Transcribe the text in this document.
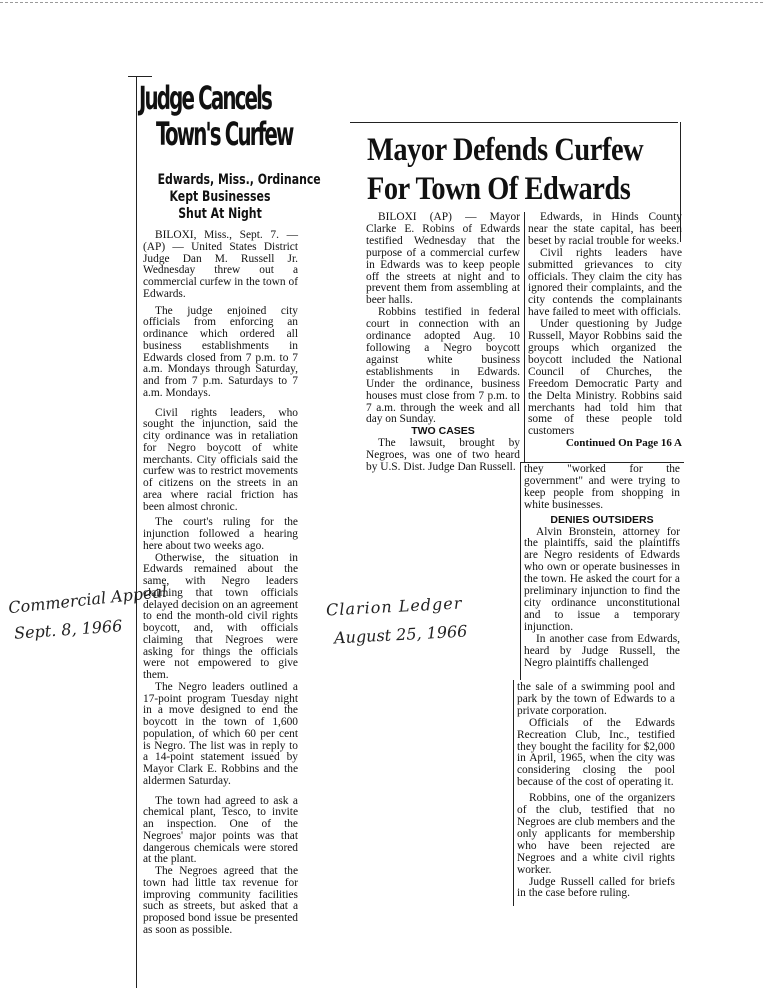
Judge Cancels
Town's Curfew
Edwards, Miss., Ordinance
Kept Businesses
Shut At Night

BILOXI, Miss., Sept. 7. — (AP) — United States District Judge Dan M. Russell Jr. Wednesday threw out a commercial curfew in the town of Edwards.

The judge enjoined city officials from enforcing an ordinance which ordered all business establishments in Edwards closed from 7 p.m. to 7 a.m. Mondays through Saturday, and from 7 p.m. Saturdays to 7 a.m. Mondays.

Civil rights leaders, who sought the injunction, said the city ordinance was in retaliation for Negro boycott of white merchants. City officials said the curfew was to restrict movements of citizens on the streets in an area where racial friction has been almost chronic.

The court's ruling for the injunction followed a hearing here about two weeks ago.

Otherwise, the situation in Edwards remained about the same, with Negro leaders claiming that town officials delayed decision on an agreement to end the month-old civil rights boycott, and, with officials claiming that Negroes were asking for things the officials were not empowered to give them.

The Negro leaders outlined a 17-point program Tuesday night in a move designed to end the boycott in the town of 1,600 population, of which 60 per cent is Negro. The list was in reply to a 14-point statement issued by Mayor Clark E. Robbins and the aldermen Saturday.

The town had agreed to ask a chemical plant, Tesco, to invite an inspection. One of the Negroes' major points was that dangerous chemicals were stored at the plant.

The Negroes agreed that the town had little tax revenue for improving community facilities such as streets, but asked that a proposed bond issue be presented as soon as possible.

Mayor Defends Curfew
For Town Of Edwards

BILOXI (AP) — Mayor Clarke E. Robins of Edwards testified Wednesday that the purpose of a commercial curfew in Edwards was to keep people off the streets at night and to prevent them from assembling at beer halls.

Robbins testified in federal court in connection with an ordinance adopted Aug. 10 following a Negro boycott against white business establishments in Edwards. Under the ordinance, business houses must close from 7 p.m. to 7 a.m. through the week and all day on Sunday.

TWO CASES

The lawsuit, brought by Negroes, was one of two heard by U.S. Dist. Judge Dan Russell.

Edwards, in Hinds County near the state capital, has been beset by racial trouble for weeks.

Civil rights leaders have submitted grievances to city officials. They claim the city has ignored their complaints, and the city contends the complainants have failed to meet with officials.

Under questioning by Judge Russell, Mayor Robbins said the groups which organized the boycott included the National Council of Churches, the Freedom Democratic Party and the Delta Ministry. Robbins said merchants had told him that some of these people told customers

Continued On Page 16 A

they "worked for the government" and were trying to keep people from shopping in white businesses.

DENIES OUTSIDERS

Alvin Bronstein, attorney for the plaintiffs, said the plaintiffs are Negro residents of Edwards who own or operate businesses in the town. He asked the court for a preliminary injunction to find the city ordinance unconstitutional and to issue a temporary injunction.

In another case from Edwards, heard by Judge Russell, the Negro plaintiffs challenged

the sale of a swimming pool and park by the town of Edwards to a private corporation.

Officials of the Edwards Recreation Club, Inc., testified they bought the facility for $2,000 in April, 1965, when the city was considering closing the pool because of the cost of operating it.

Robbins, one of the organizers of the club, testified that no Negroes are club members and the only applicants for membership who have been rejected are Negroes and a white civil rights worker.

Judge Russell called for briefs in the case before ruling.

Commercial Appeal
Sept. 8, 1966
Clarion Ledger
August 25, 1966
